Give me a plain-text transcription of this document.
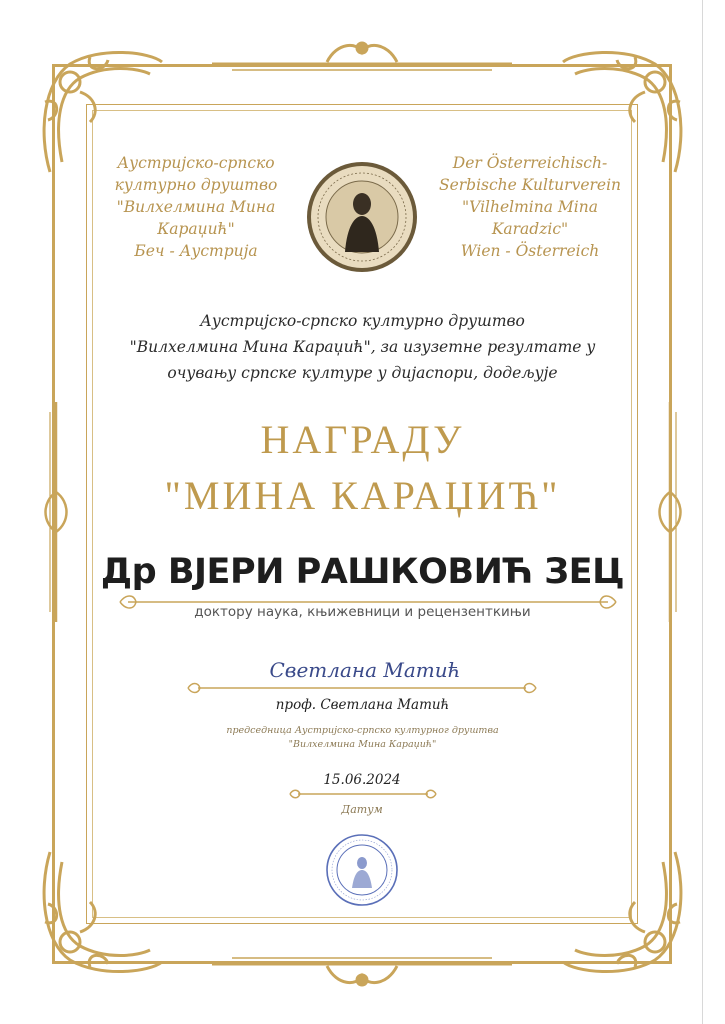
Аустријско-српско
културно друштво
"Вилхелмина Мина
Караџић"
Беч - Аустрија
Der Österreichisch-
Serbische Kulturverein
"Vilhelmina Mina
Karadzic"
Wien - Österreich
Аустријско-српско културно друштво
"Вилхелмина Мина Караџић", за изузетне резултате у
очувању српске културе у дијаспори, додељује
НАГРАДУ
"МИНА КАРАЏИЋ"
Др ВЈЕРИ РАШКОВИЋ ЗЕЦ
доктору наука, књижевници и рецензенткињи
Светлана Матић
проф. Светлана Матић
председница Аустријско-српско културног друштва
"Вилхелмина Мина Караџић"
15.06.2024
Датум
